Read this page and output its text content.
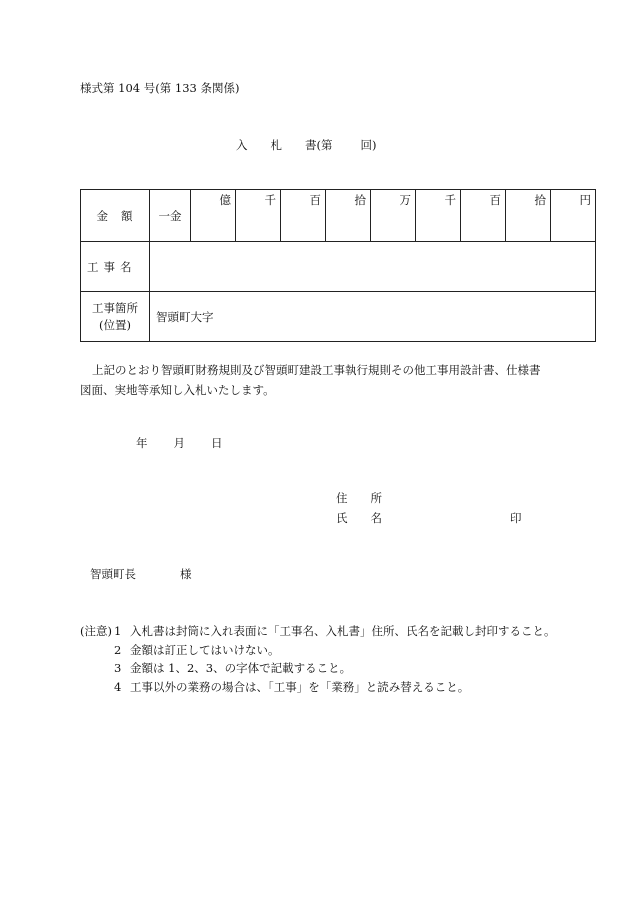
様式第 104 号(第 133 条関係)
入　　札　　書(第 回)
金額	一金	億	千	百	拾	万	千	百	拾	円
工事名										

工事箇所
(位置)	智頭町大字									
上記のとおり智頭町財務規則及び智頭町建設工事執行規則その他工事用設計書、仕様書図面、実地等承知し入札いたします。
年 月 日
住　　所
氏　　名	印
智頭町長	様
(注意) 1 入札書は封筒に入れ表面に「工事名、入札書」住所、氏名を記載し封印すること。
2 金額は訂正してはいけない。
3 金額は 1、2、3、の字体で記載すること。
4 工事以外の業務の場合は、「工事」を「業務」と読み替えること。
